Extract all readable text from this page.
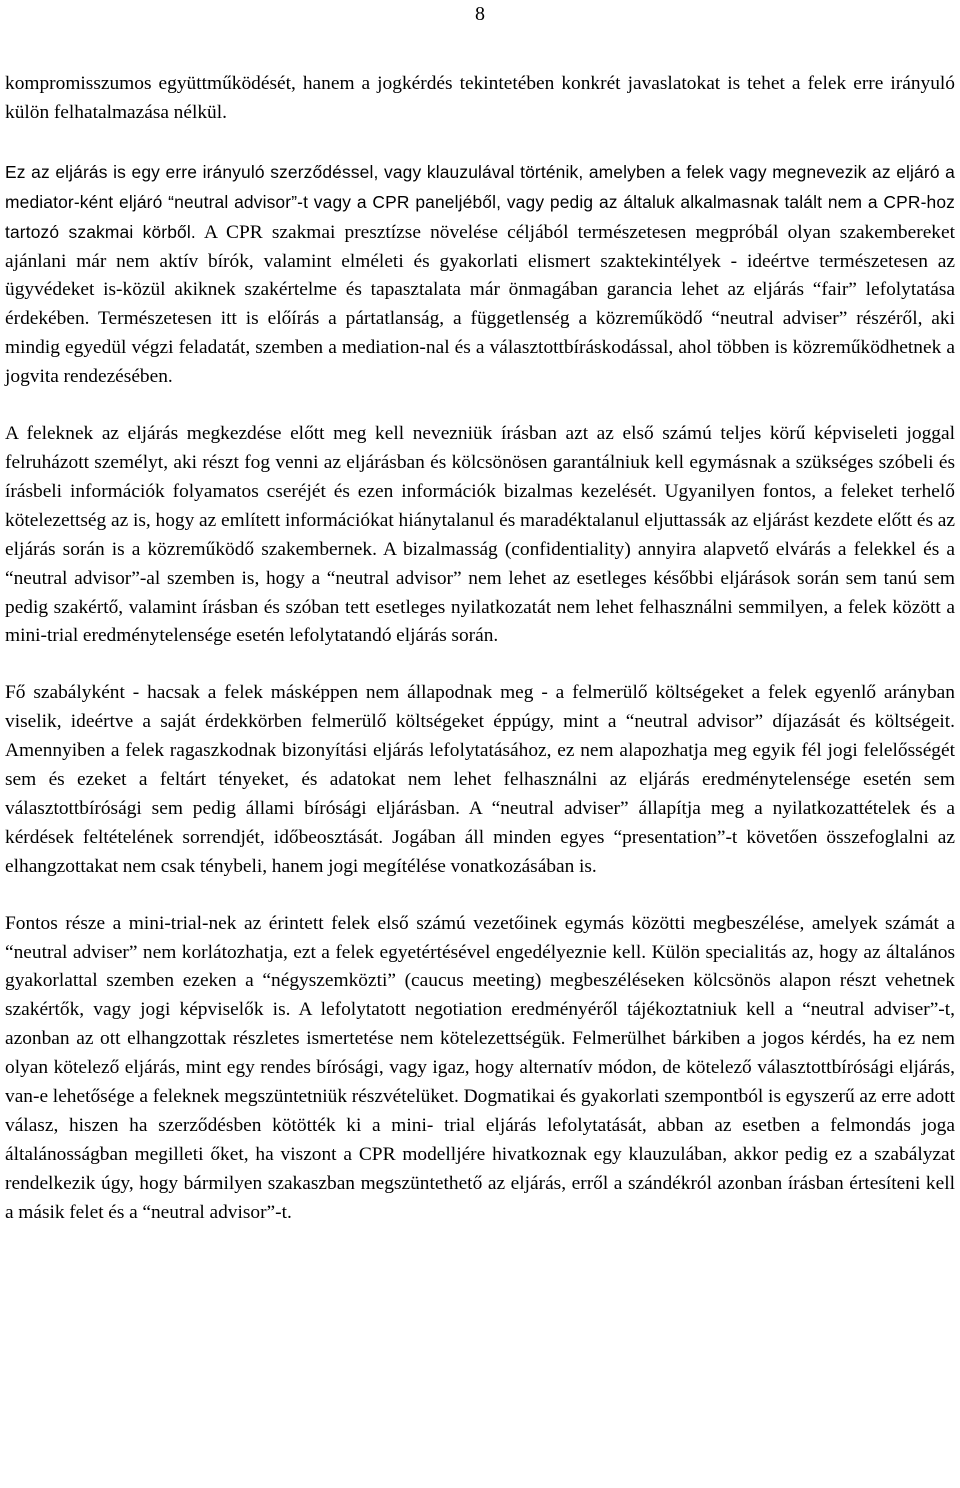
8

kompromisszumos együttműködését, hanem a jogkérdés tekintetében konkrét javaslatokat is tehet a felek erre irányuló külön felhatalmazása nélkül.

Ez az eljárás is egy erre irányuló szerződéssel, vagy klauzulával történik, amelyben a felek vagy megnevezik az eljáró a mediator-ként eljáró “neutral advisor”-t vagy a CPR paneljéből, vagy pedig az általuk alkalmasnak talált nem a CPR-hoz tartozó szakmai körből. A CPR szakmai presztízse növelése céljából természetesen megpróbál olyan szakembereket ajánlani már nem aktív bírók, valamint elméleti és gyakorlati elismert szaktekintélyek - ideértve természetesen az ügyvédeket is-közül akiknek szakértelme és tapasztalata már önmagában garancia lehet az eljárás “fair” lefolytatása érdekében. Természetesen itt is előírás a pártatlanság, a függetlenség a közreműködő “neutral adviser” részéről, aki mindig egyedül végzi feladatát, szemben a mediation-nal és a választottbíráskodással, ahol többen is közreműködhetnek a jogvita rendezésében.

A feleknek az eljárás megkezdése előtt meg kell nevezniük írásban azt az első számú teljes körű képviseleti joggal felruházott személyt, aki részt fog venni az eljárásban és kölcsönösen garantálniuk kell egymásnak a szükséges szóbeli és írásbeli információk folyamatos cseréjét és ezen információk bizalmas kezelését. Ugyanilyen fontos, a feleket terhelő kötelezettség az is, hogy az említett információkat hiánytalanul és maradéktalanul eljuttassák az eljárást kezdete előtt és az eljárás során is a közreműködő szakembernek. A bizalmasság (confidentiality) annyira alapvető elvárás a felekkel és a “neutral advisor”-al szemben is, hogy a “neutral advisor” nem lehet az esetleges későbbi eljárások során sem tanú sem pedig szakértő, valamint írásban és szóban tett esetleges nyilatkozatát nem lehet felhasználni semmilyen, a felek között a mini-trial eredménytelensége esetén lefolytatandó eljárás során.

Fő szabályként - hacsak a felek másképpen nem állapodnak meg - a felmerülő költségeket a felek egyenlő arányban viselik, ideértve a saját érdekkörben felmerülő költségeket éppúgy, mint a “neutral advisor” díjazását és költségeit. Amennyiben a felek ragaszkodnak bizonyítási eljárás lefolytatásához, ez nem alapozhatja meg egyik fél jogi felelősségét sem és ezeket a feltárt tényeket, és adatokat nem lehet felhasználni az eljárás eredménytelensége esetén sem választottbírósági sem pedig állami bírósági eljárásban. A “neutral adviser” állapítja meg a nyilatkozattételek és a kérdések feltételének sorrendjét, időbeosztását. Jogában áll minden egyes “presentation”-t követően összefoglalni az elhangzottakat nem csak ténybeli, hanem jogi megítélése vonatkozásában is.

Fontos része a mini-trial-nek az érintett felek első számú vezetőinek egymás közötti megbeszélése, amelyek számát a “neutral adviser” nem korlátozhatja, ezt a felek egyetértésével engedélyeznie kell. Külön specialitás az, hogy az általános gyakorlattal szemben ezeken a “négyszemközti” (caucus meeting) megbeszéléseken kölcsönös alapon részt vehetnek szakértők, vagy jogi képviselők is. A lefolytatott negotiation eredményéről tájékoztatniuk kell a “neutral adviser”-t, azonban az ott elhangzottak részletes ismertetése nem kötelezettségük. Felmerülhet bárkiben a jogos kérdés, ha ez nem olyan kötelező eljárás, mint egy rendes bírósági, vagy igaz, hogy alternatív módon, de kötelező választottbírósági eljárás, van-e lehetősége a feleknek megszüntetniük részvételüket. Dogmatikai és gyakorlati szempontból is egyszerű az erre adott válasz, hiszen ha szerződésben kötötték ki a mini- trial eljárás lefolytatását, abban az esetben a felmondás joga általánosságban megilleti őket, ha viszont a CPR modelljére hivatkoznak egy klauzulában, akkor pedig ez a szabályzat rendelkezik úgy, hogy bármilyen szakaszban megszüntethető az eljárás, erről a szándékról azonban írásban értesíteni kell a másik felet és a “neutral advisor”-t.
